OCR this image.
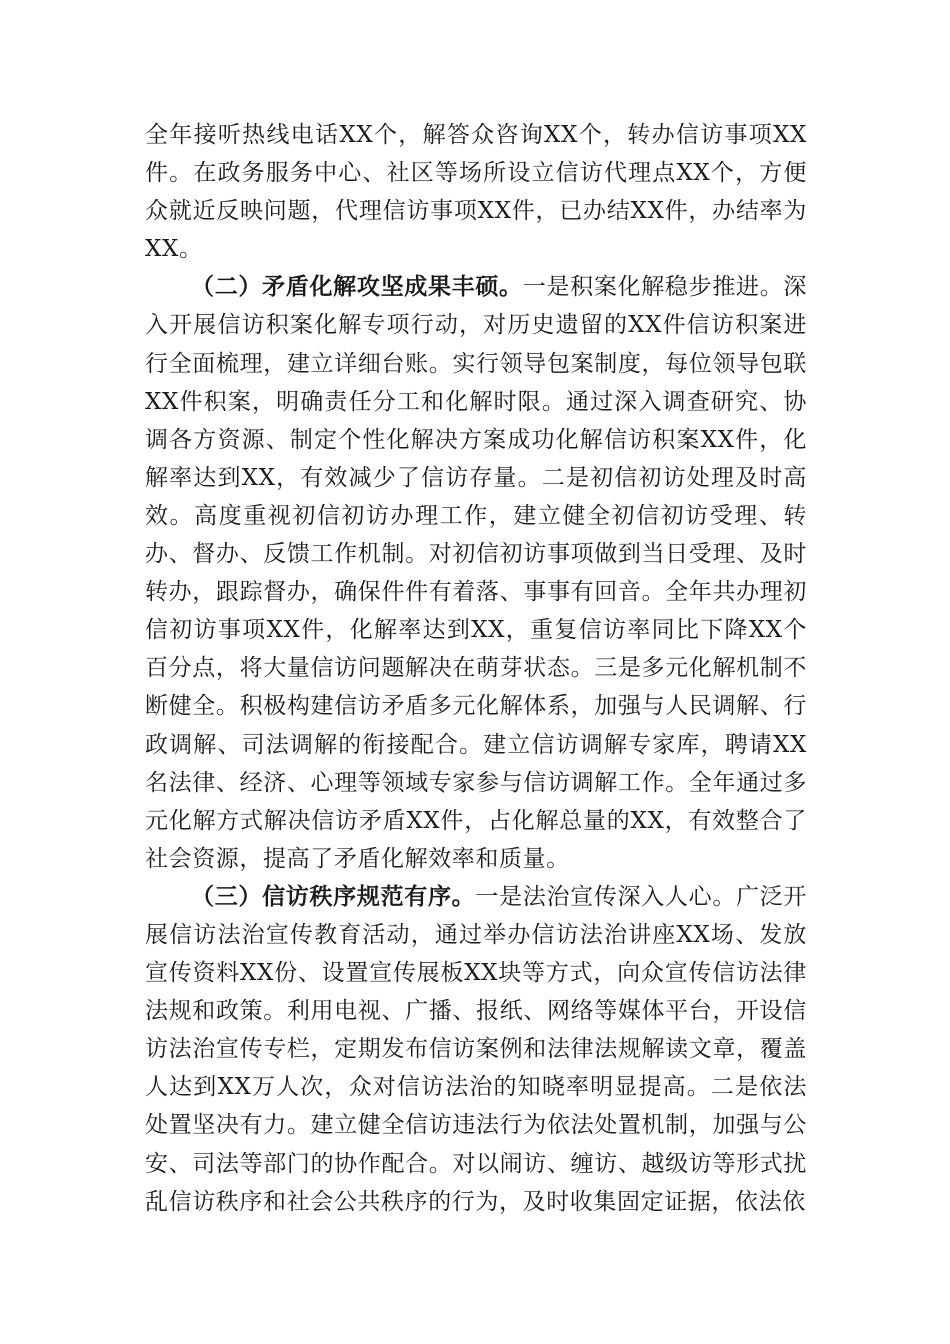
全年接听热线电话XX个，解答众咨询XX个，转办信访事项XX件。在政务服务中心、社区等场所设立信访代理点XX个，方便众就近反映问题，代理信访事项XX件，已办结XX件，办结率为XX。

（二）矛盾化解攻坚成果丰硕。一是积案化解稳步推进。深入开展信访积案化解专项行动，对历史遗留的XX件信访积案进行全面梳理，建立详细台账。实行领导包案制度，每位领导包联XX件积案，明确责任分工和化解时限。通过深入调查研究、协调各方资源、制定个性化解决方案成功化解信访积案XX件，化解率达到XX，有效减少了信访存量。二是初信初访处理及时高效。高度重视初信初访办理工作，建立健全初信初访受理、转办、督办、反馈工作机制。对初信初访事项做到当日受理、及时转办，跟踪督办，确保件件有着落、事事有回音。全年共办理初信初访事项XX件，化解率达到XX，重复信访率同比下降XX个百分点，将大量信访问题解决在萌芽状态。三是多元化解机制不断健全。积极构建信访矛盾多元化解体系，加强与人民调解、行政调解、司法调解的衔接配合。建立信访调解专家库，聘请XX名法律、经济、心理等领域专家参与信访调解工作。全年通过多元化解方式解决信访矛盾XX件，占化解总量的XX，有效整合了社会资源，提高了矛盾化解效率和质量。

（三）信访秩序规范有序。一是法治宣传深入人心。广泛开展信访法治宣传教育活动，通过举办信访法治讲座XX场、发放宣传资料XX份、设置宣传展板XX块等方式，向众宣传信访法律法规和政策。利用电视、广播、报纸、网络等媒体平台，开设信访法治宣传专栏，定期发布信访案例和法律法规解读文章，覆盖人达到XX万人次，众对信访法治的知晓率明显提高。二是依法处置坚决有力。建立健全信访违法行为依法处置机制，加强与公安、司法等部门的协作配合。对以闹访、缠访、越级访等形式扰乱信访秩序和社会公共秩序的行为，及时收集固定证据，依法依
